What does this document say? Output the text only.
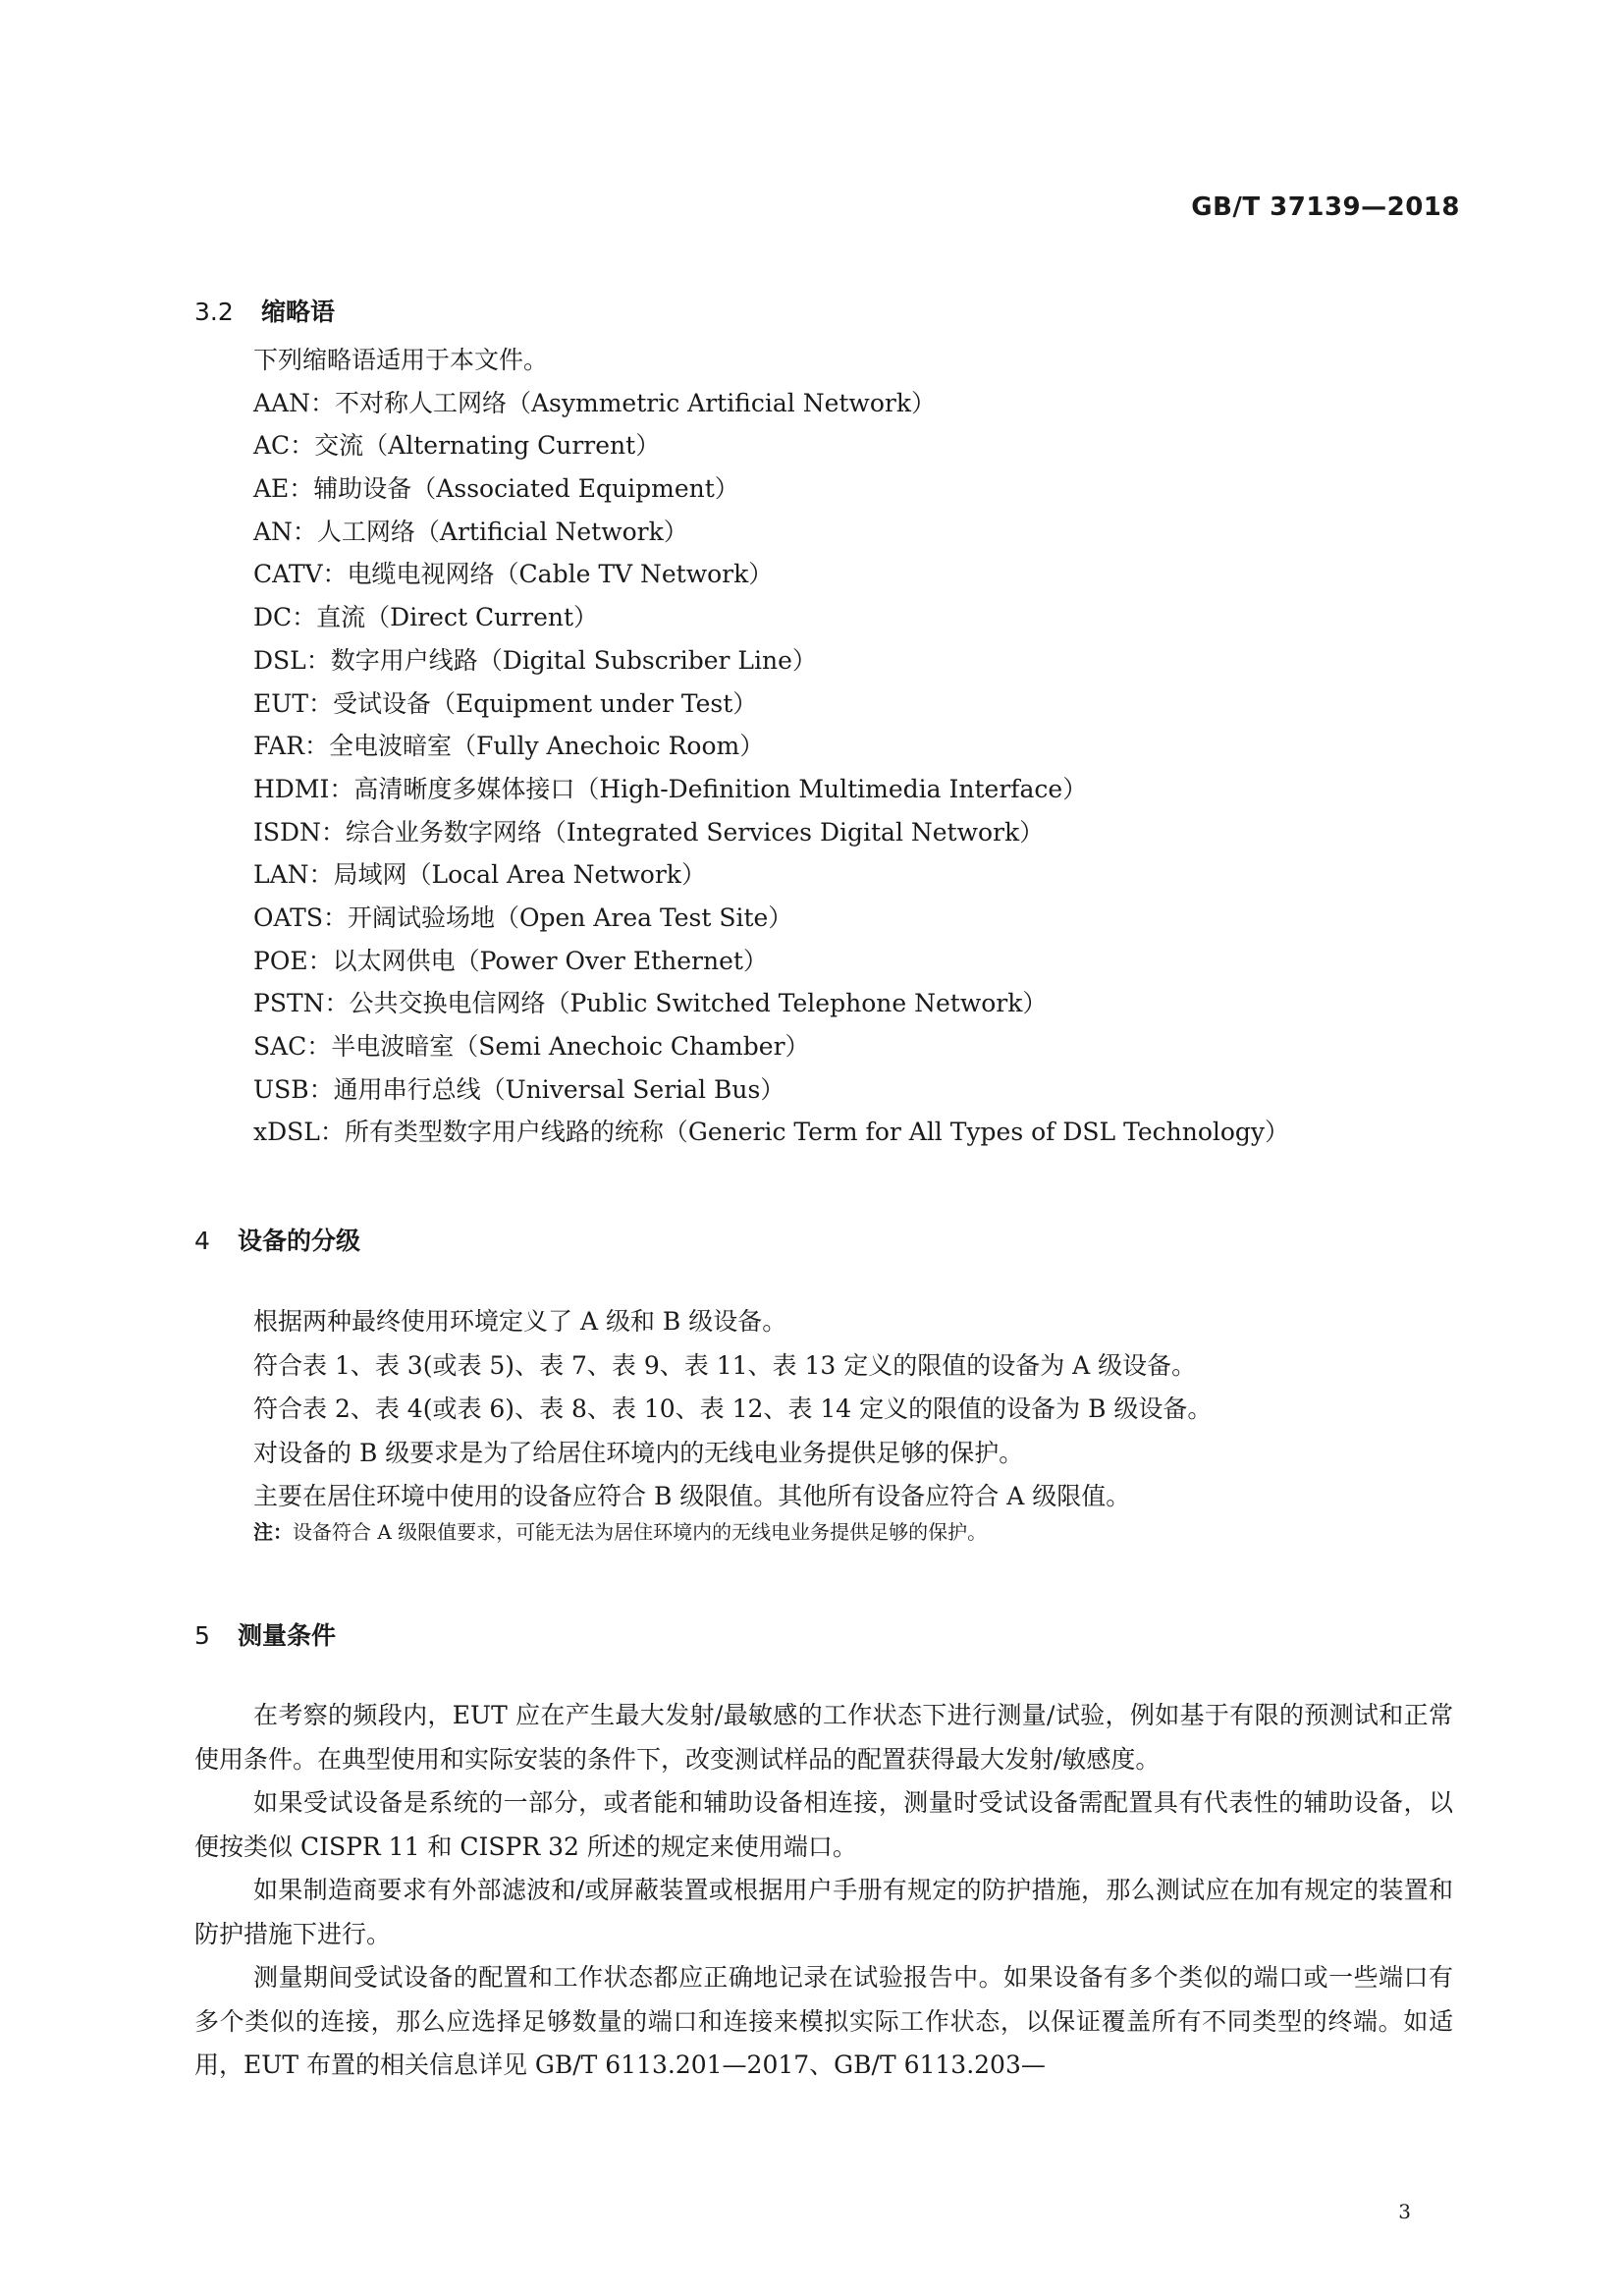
GB/T 37139—2018
3.2 缩略语
下列缩略语适用于本文件。
AAN：不对称人工网络（Asymmetric Artificial Network）
AC：交流（Alternating Current）
AE：辅助设备（Associated Equipment）
AN：人工网络（Artificial Network）
CATV：电缆电视网络（Cable TV Network）
DC：直流（Direct Current）
DSL：数字用户线路（Digital Subscriber Line）
EUT：受试设备（Equipment under Test）
FAR：全电波暗室（Fully Anechoic Room）
HDMI：高清晰度多媒体接口（High-Definition Multimedia Interface）
ISDN：综合业务数字网络（Integrated Services Digital Network）
LAN：局域网（Local Area Network）
OATS：开阔试验场地（Open Area Test Site）
POE：以太网供电（Power Over Ethernet）
PSTN：公共交换电信网络（Public Switched Telephone Network）
SAC：半电波暗室（Semi Anechoic Chamber）
USB：通用串行总线（Universal Serial Bus）
xDSL：所有类型数字用户线路的统称（Generic Term for All Types of DSL Technology）
4 设备的分级

根据两种最终使用环境定义了 A 级和 B 级设备。

符合表 1、表 3(或表 5)、表 7、表 9、表 11、表 13 定义的限值的设备为 A 级设备。

符合表 2、表 4(或表 6)、表 8、表 10、表 12、表 14 定义的限值的设备为 B 级设备。

对设备的 B 级要求是为了给居住环境内的无线电业务提供足够的保护。

主要在居住环境中使用的设备应符合 B 级限值。其他所有设备应符合 A 级限值。

注：设备符合 A 级限值要求，可能无法为居住环境内的无线电业务提供足够的保护。
5 测量条件

在考察的频段内，EUT 应在产生最大发射/最敏感的工作状态下进行测量/试验，例如基于有限的预测试和正常使用条件。在典型使用和实际安装的条件下，改变测试样品的配置获得最大发射/敏感度。

如果受试设备是系统的一部分，或者能和辅助设备相连接，测量时受试设备需配置具有代表性的辅助设备，以便按类似 CISPR 11 和 CISPR 32 所述的规定来使用端口。

如果制造商要求有外部滤波和/或屏蔽装置或根据用户手册有规定的防护措施，那么测试应在加有规定的装置和防护措施下进行。

测量期间受试设备的配置和工作状态都应正确地记录在试验报告中。如果设备有多个类似的端口或一些端口有多个类似的连接，那么应选择足够数量的端口和连接来模拟实际工作状态，以保证覆盖所有不同类型的终端。如适用，EUT 布置的相关信息详见 GB/T 6113.201—2017、GB/T 6113.203—

3
